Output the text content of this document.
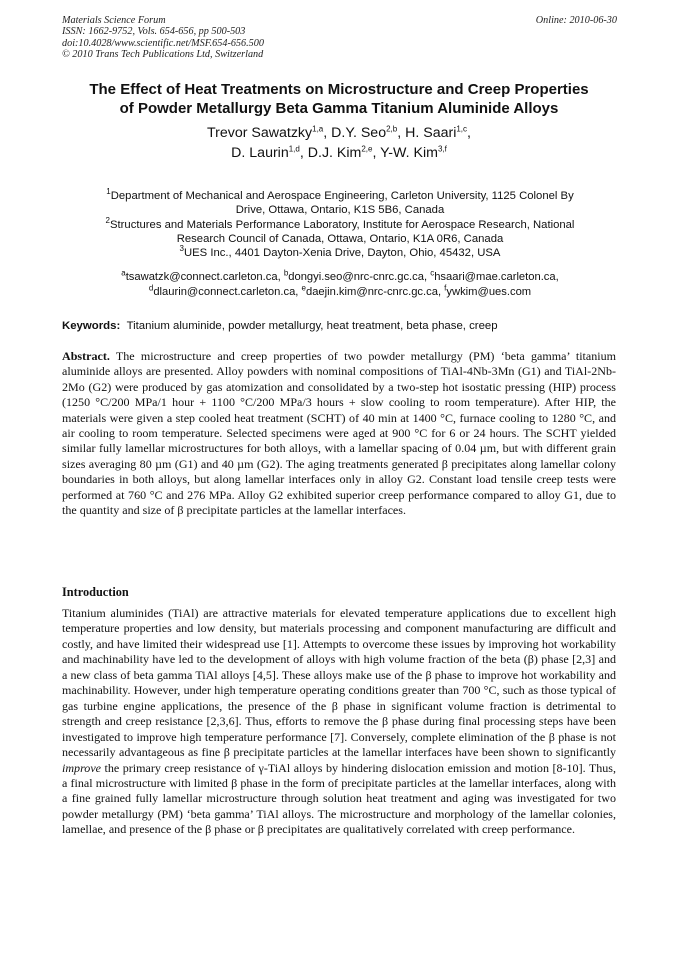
Materials Science Forum
ISSN: 1662-9752, Vols. 654-656, pp 500-503
doi:10.4028/www.scientific.net/MSF.654-656.500
© 2010 Trans Tech Publications Ltd, Switzerland
Online: 2010-06-30
The Effect of Heat Treatments on Microstructure and Creep Properties
of Powder Metallurgy Beta Gamma Titanium Aluminide Alloys
Trevor Sawatzky$^{1,a}$, D.Y. Seo$^{2,b}$, H. Saari$^{1,c}$,
D. Laurin$^{1,d}$, D.J. Kim$^{2,e}$, Y-W. Kim$^{3,f}$
$^1$Department of Mechanical and Aerospace Engineering, Carleton University, 1125 Colonel By
Drive, Ottawa, Ontario, K1S 5B6, Canada
$^2$Structures and Materials Performance Laboratory, Institute for Aerospace Research, National
Research Council of Canada, Ottawa, Ontario, K1A 0R6, Canada
$^3$UES Inc., 4401 Dayton-Xenia Drive, Dayton, Ohio, 45432, USA
$^a$tsawatzk@connect.carleton.ca, $^b$dongyi.seo@nrc-cnrc.gc.ca, $^c$hsaari@mae.carleton.ca,
$^d$dlaurin@connect.carleton.ca, $^e$daejin.kim@nrc-cnrc.gc.ca, $^f$ywkim@ues.com
Keywords: Titanium aluminide, powder metallurgy, heat treatment, beta phase, creep
Abstract. The microstructure and creep properties of two powder metallurgy (PM) ‘beta gamma’ titanium aluminide alloys are presented. Alloy powders with nominal compositions of TiAl-4Nb-3Mn (G1) and TiAl-2Nb-2Mo (G2) were produced by gas atomization and consolidated by a two-step hot isostatic pressing (HIP) process (1250 °C/200 MPa/1 hour + 1100 °C/200 MPa/3 hours + slow cooling to room temperature). After HIP, the materials were given a step cooled heat treatment (SCHT) of 40 min at 1400 °C, furnace cooling to 1280 °C, and air cooling to room temperature. Selected specimens were aged at 900 °C for 6 or 24 hours. The SCHT yielded similar fully lamellar microstructures for both alloys, with a lamellar spacing of 0.04 µm, but with different grain sizes averaging 80 µm (G1) and 40 µm (G2). The aging treatments generated β precipitates along lamellar colony boundaries in both alloys, but along lamellar interfaces only in alloy G2. Constant load tensile creep tests were performed at 760 °C and 276 MPa. Alloy G2 exhibited superior creep performance compared to alloy G1, due to the quantity and size of β precipitate particles at the lamellar interfaces.
Introduction
Titanium aluminides (TiAl) are attractive materials for elevated temperature applications due to excellent high temperature properties and low density, but materials processing and component manufacturing are difficult and costly, and have limited their widespread use [1]. Attempts to overcome these issues by improving hot workability and machinability have led to the development of alloys with high volume fraction of the beta (β) phase [2,3] and a new class of beta gamma TiAl alloys [4,5]. These alloys make use of the β phase to improve hot workability and machinability. However, under high temperature operating conditions greater than 700 °C, such as those typical of gas turbine engine applications, the presence of the β phase in significant volume fraction is detrimental to strength and creep resistance [2,3,6]. Thus, efforts to remove the β phase during final processing steps have been investigated to improve high temperature performance [7]. Conversely, complete elimination of the β phase is not necessarily advantageous as fine β precipitate particles at the lamellar interfaces have been shown to significantly improve the primary creep resistance of γ-TiAl alloys by hindering dislocation emission and motion [8-10]. Thus, a final microstructure with limited β phase in the form of precipitate particles at the lamellar interfaces, along with a fine grained fully lamellar microstructure through solution heat treatment and aging was investigated for two powder metallurgy (PM) ‘beta gamma’ TiAl alloys. The microstructure and morphology of the lamellar colonies, lamellae, and presence of the β phase or β precipitates are qualitatively correlated with creep performance.
